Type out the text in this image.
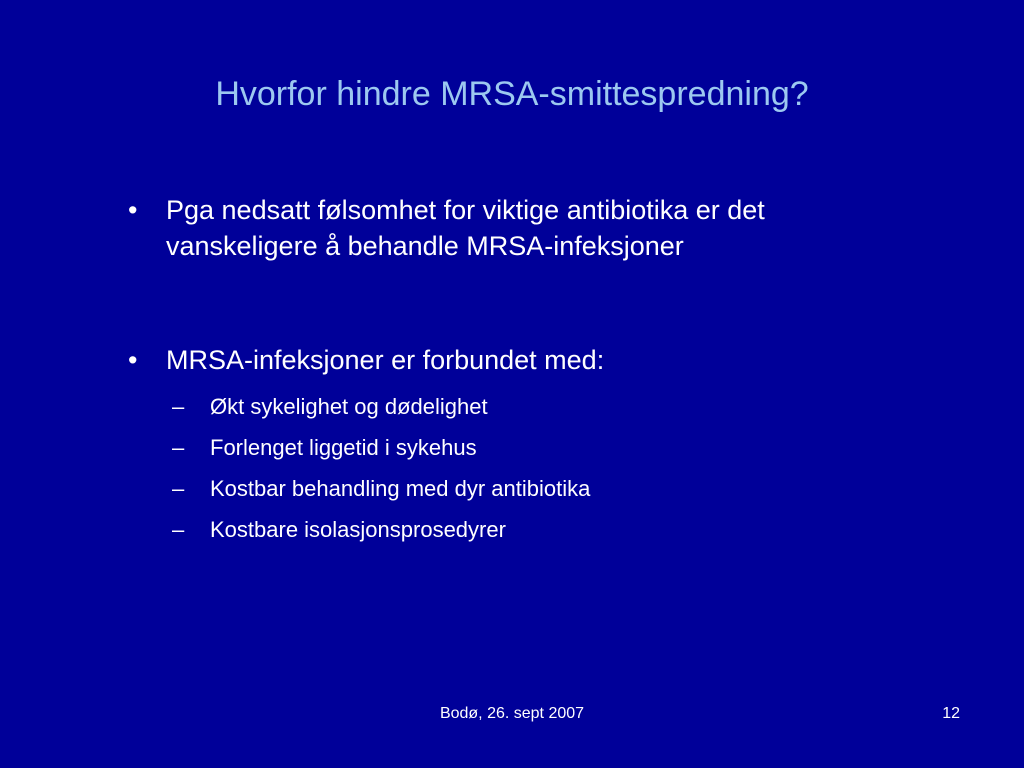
Hvorfor hindre MRSA-smittespredning?
•	Pga nedsatt følsomhet for viktige antibiotika er det vanskeligere å behandle MRSA-infeksjoner
•	MRSA-infeksjoner er forbundet med:
– Økt sykelighet og dødelighet
– Forlenget liggetid i sykehus
– Kostbar behandling med dyr antibiotika
– Kostbare isolasjonsprosedyrer
Bodø, 26. sept 2007	12
